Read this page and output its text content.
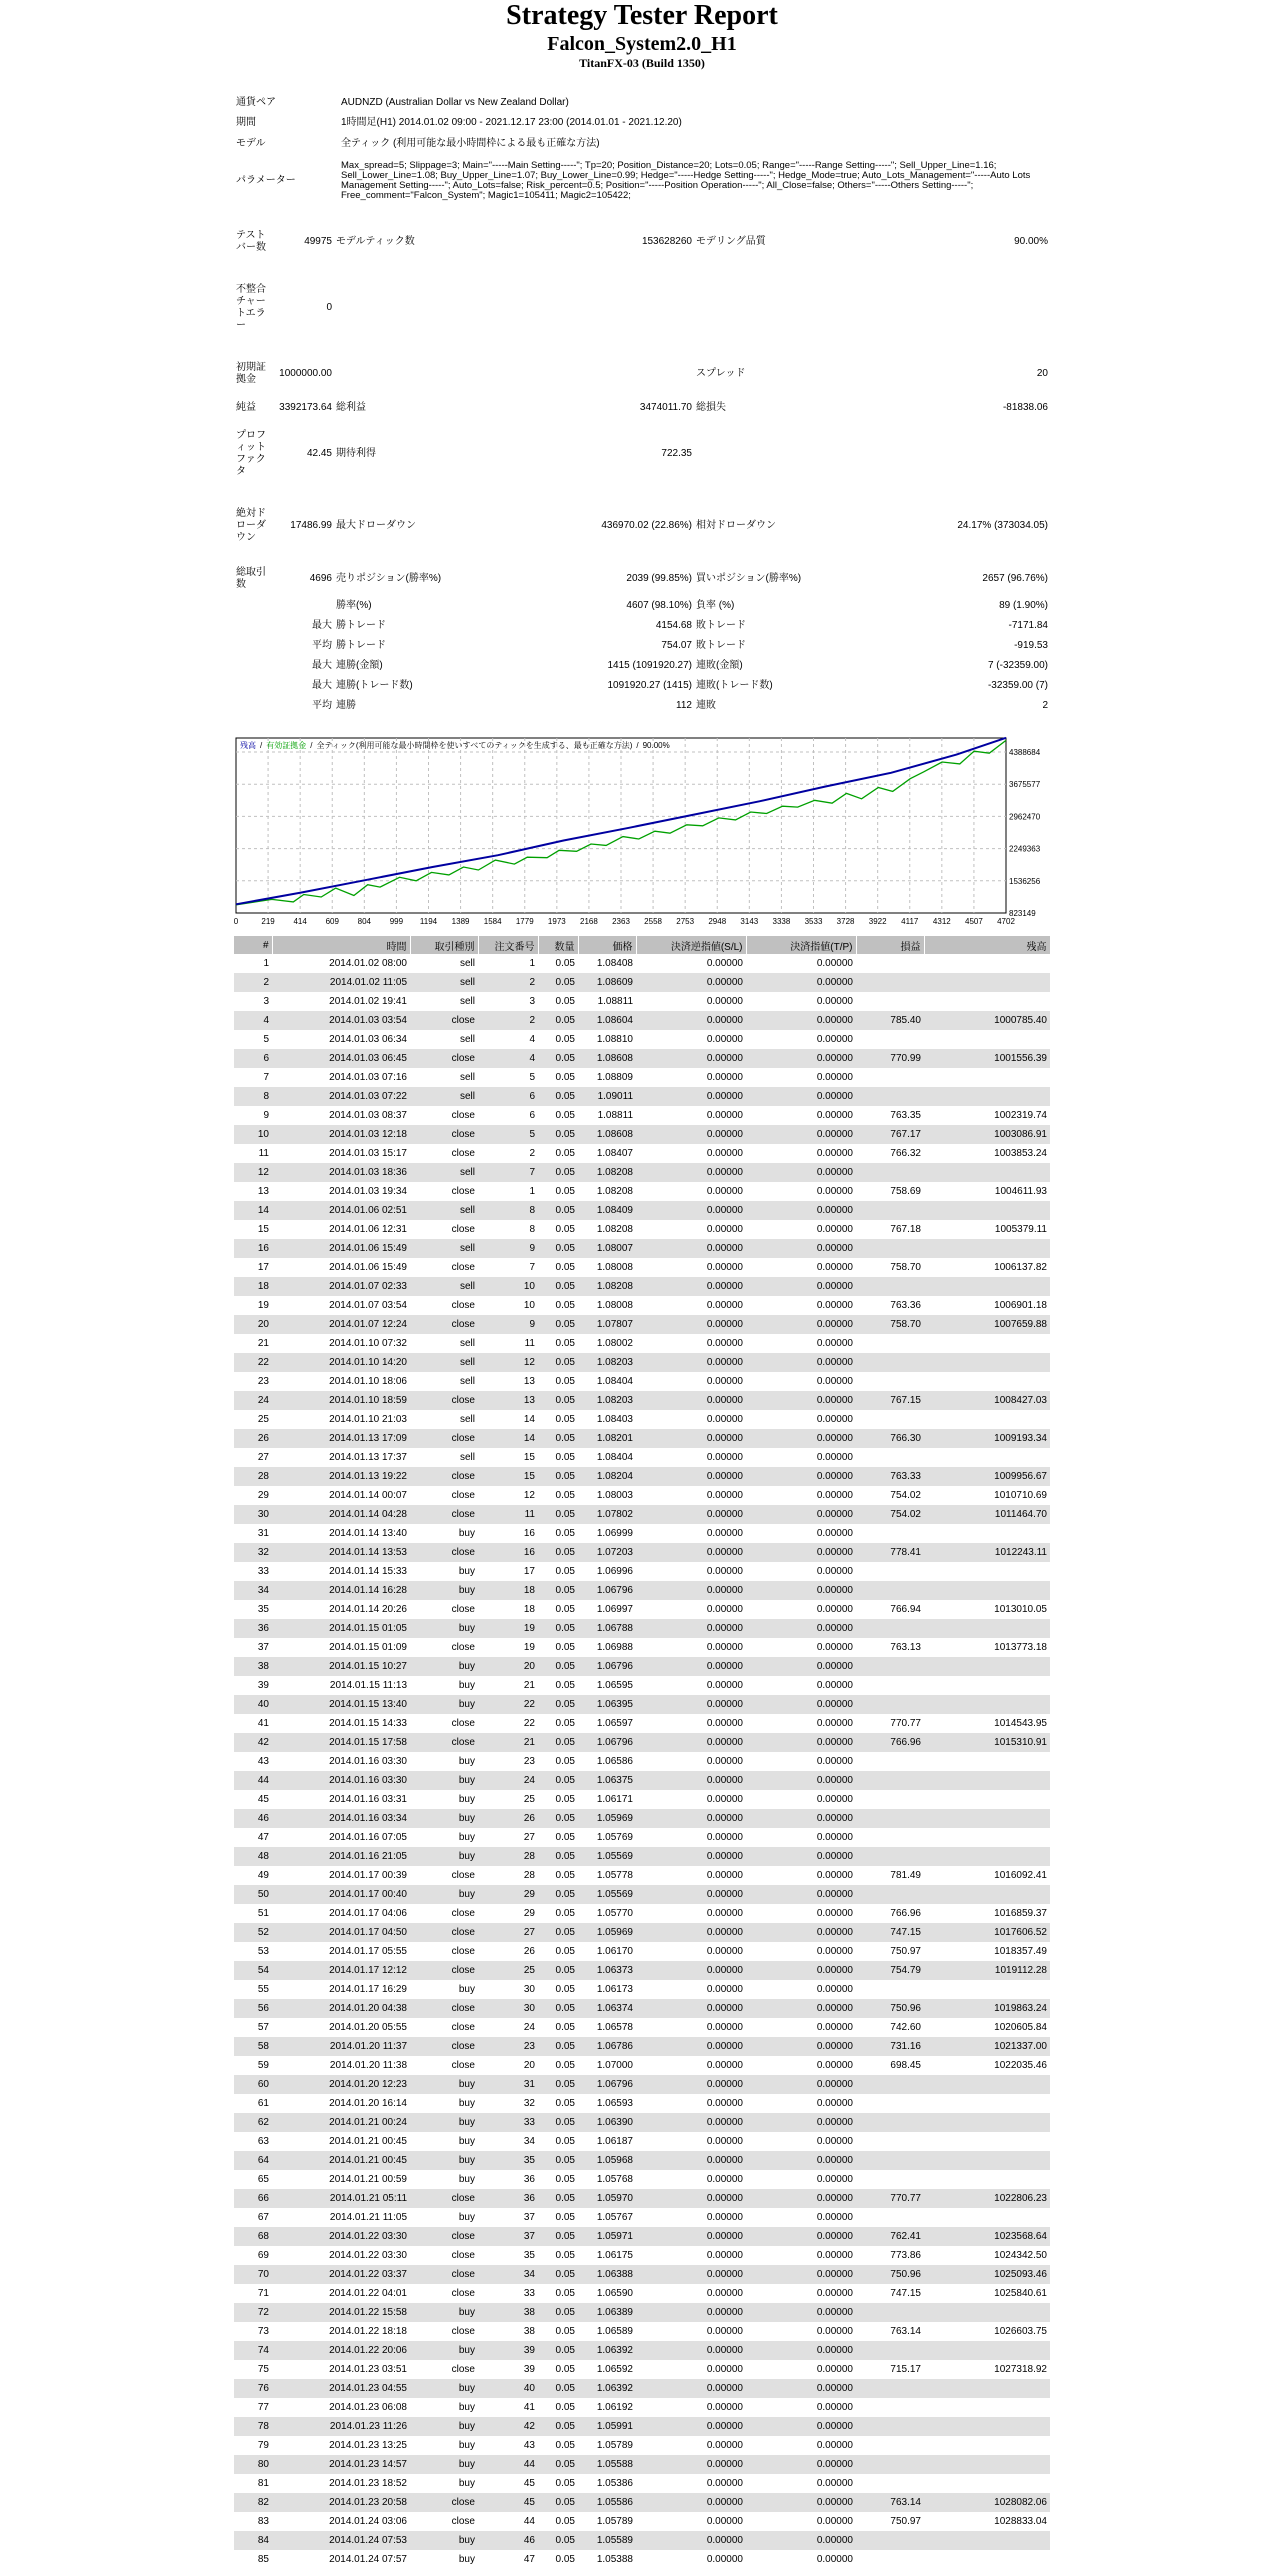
Strategy Tester Report
Falcon_System2.0_H1
TitanFX-03 (Build 1350)
通貨ペア	AUDNZD (Australian Dollar vs New Zealand Dollar)
期間	1時間足(H1) 2014.01.02 09:00 - 2021.12.17 23:00 (2014.01.01 - 2021.12.20)
モデル	全ティック (利用可能な最小時間枠による最も正確な方法)
パラメーター	Max_spread=5; Slippage=3; Main="-----Main Setting-----"; Tp=20; Position_Distance=20; Lots=0.05; Range="-----Range Setting-----"; Sell_Upper_Line=1.16; Sell_Lower_Line=1.08; Buy_Upper_Line=1.07; Buy_Lower_Line=0.99; Hedge="-----Hedge Setting-----"; Hedge_Mode=true; Auto_Lots_Management="-----Auto Lots Management Setting-----"; Auto_Lots=false; Risk_percent=0.5; Position="-----Position Operation-----"; All_Close=false; Others="-----Others Setting-----"; Free_comment="Falcon_System"; Magic1=105411; Magic2=105422;
テストバー数	49975	モデルティック数	153628260	モデリング品質	90.00%
不整合チャートエラー	0				
初期証拠金	1000000.00			スプレッド	20
純益	3392173.64	総利益	3474011.70	総損失	-81838.06
プロフィットファクタ	42.45	期待利得	722.35		
絶対ドローダウン	17486.99	最大ドローダウン	436970.02 (22.86%)	相対ドローダウン	24.17% (373034.05)
総取引数	4696	売りポジション(勝率%)	2039 (99.85%)	買いポジション(勝率%)	2657 (96.76%)
		勝率(%)	4607 (98.10%)	負率 (%)	89 (1.90%)
	最大	勝トレード	4154.68	敗トレード	-7171.84
	平均	勝トレード	754.07	敗トレード	-919.53
	最大	連勝(金額)	1415 (1091920.27)	連敗(金額)	7 (-32359.00)
	最大	連勝(トレード数)	1091920.27 (1415)	連敗(トレード数)	-32359.00 (7)
	平均	連勝	112	連敗	2
0	219 414 609 804 999 1194 1389 1584 1779 1973 2168 2363 2558 2753 2948 3143 3338 3533 3728 3922 4117 4312 4507 4702
4388684
3675577
2962470
2249363
1536256
823149
残高 / 有効証拠金 / 全ティック(利用可能な最小時間枠を使いすべてのティックを生成する、最も正確な方法) / 90.00%
#	時間	取引種別	注文番号	数量	価格	決済逆指値(S/L)	決済指値(T/P)	損益	残高
1	2014.01.02 08:00	sell	1	0.05	1.08408	0.00000	0.00000		
2	2014.01.02 11:05	sell	2	0.05	1.08609	0.00000	0.00000		
3	2014.01.02 19:41	sell	3	0.05	1.08811	0.00000	0.00000		
4	2014.01.03 03:54	close	2	0.05	1.08604	0.00000	0.00000	785.40	1000785.40
5	2014.01.03 06:34	sell	4	0.05	1.08810	0.00000	0.00000		
6	2014.01.03 06:45	close	4	0.05	1.08608	0.00000	0.00000	770.99	1001556.39
7	2014.01.03 07:16	sell	5	0.05	1.08809	0.00000	0.00000		
8	2014.01.03 07:22	sell	6	0.05	1.09011	0.00000	0.00000		
9	2014.01.03 08:37	close	6	0.05	1.08811	0.00000	0.00000	763.35	1002319.74
10	2014.01.03 12:18	close	5	0.05	1.08608	0.00000	0.00000	767.17	1003086.91
11	2014.01.03 15:17	close	2	0.05	1.08407	0.00000	0.00000	766.32	1003853.24
12	2014.01.03 18:36	sell	7	0.05	1.08208	0.00000	0.00000		
13	2014.01.03 19:34	close	1	0.05	1.08208	0.00000	0.00000	758.69	1004611.93
14	2014.01.06 02:51	sell	8	0.05	1.08409	0.00000	0.00000		
15	2014.01.06 12:31	close	8	0.05	1.08208	0.00000	0.00000	767.18	1005379.11
16	2014.01.06 15:49	sell	9	0.05	1.08007	0.00000	0.00000		
17	2014.01.06 15:49	close	7	0.05	1.08008	0.00000	0.00000	758.70	1006137.82
18	2014.01.07 02:33	sell	10	0.05	1.08208	0.00000	0.00000		
19	2014.01.07 03:54	close	10	0.05	1.08008	0.00000	0.00000	763.36	1006901.18
20	2014.01.07 12:24	close	9	0.05	1.07807	0.00000	0.00000	758.70	1007659.88
21	2014.01.10 07:32	sell	11	0.05	1.08002	0.00000	0.00000		
22	2014.01.10 14:20	sell	12	0.05	1.08203	0.00000	0.00000		
23	2014.01.10 18:06	sell	13	0.05	1.08404	0.00000	0.00000		
24	2014.01.10 18:59	close	13	0.05	1.08203	0.00000	0.00000	767.15	1008427.03
25	2014.01.10 21:03	sell	14	0.05	1.08403	0.00000	0.00000		
26	2014.01.13 17:09	close	14	0.05	1.08201	0.00000	0.00000	766.30	1009193.34
27	2014.01.13 17:37	sell	15	0.05	1.08404	0.00000	0.00000		
28	2014.01.13 19:22	close	15	0.05	1.08204	0.00000	0.00000	763.33	1009956.67
29	2014.01.14 00:07	close	12	0.05	1.08003	0.00000	0.00000	754.02	1010710.69
30	2014.01.14 04:28	close	11	0.05	1.07802	0.00000	0.00000	754.02	1011464.70
31	2014.01.14 13:40	buy	16	0.05	1.06999	0.00000	0.00000		
32	2014.01.14 13:53	close	16	0.05	1.07203	0.00000	0.00000	778.41	1012243.11
33	2014.01.14 15:33	buy	17	0.05	1.06996	0.00000	0.00000		
34	2014.01.14 16:28	buy	18	0.05	1.06796	0.00000	0.00000		
35	2014.01.14 20:26	close	18	0.05	1.06997	0.00000	0.00000	766.94	1013010.05
36	2014.01.15 01:05	buy	19	0.05	1.06788	0.00000	0.00000		
37	2014.01.15 01:09	close	19	0.05	1.06988	0.00000	0.00000	763.13	1013773.18
38	2014.01.15 10:27	buy	20	0.05	1.06796	0.00000	0.00000		
39	2014.01.15 11:13	buy	21	0.05	1.06595	0.00000	0.00000		
40	2014.01.15 13:40	buy	22	0.05	1.06395	0.00000	0.00000		
41	2014.01.15 14:33	close	22	0.05	1.06597	0.00000	0.00000	770.77	1014543.95
42	2014.01.15 17:58	close	21	0.05	1.06796	0.00000	0.00000	766.96	1015310.91
43	2014.01.16 03:30	buy	23	0.05	1.06586	0.00000	0.00000		
44	2014.01.16 03:30	buy	24	0.05	1.06375	0.00000	0.00000		
45	2014.01.16 03:31	buy	25	0.05	1.06171	0.00000	0.00000		
46	2014.01.16 03:34	buy	26	0.05	1.05969	0.00000	0.00000		
47	2014.01.16 07:05	buy	27	0.05	1.05769	0.00000	0.00000		
48	2014.01.16 21:05	buy	28	0.05	1.05569	0.00000	0.00000		
49	2014.01.17 00:39	close	28	0.05	1.05778	0.00000	0.00000	781.49	1016092.41
50	2014.01.17 00:40	buy	29	0.05	1.05569	0.00000	0.00000		
51	2014.01.17 04:06	close	29	0.05	1.05770	0.00000	0.00000	766.96	1016859.37
52	2014.01.17 04:50	close	27	0.05	1.05969	0.00000	0.00000	747.15	1017606.52
53	2014.01.17 05:55	close	26	0.05	1.06170	0.00000	0.00000	750.97	1018357.49
54	2014.01.17 12:12	close	25	0.05	1.06373	0.00000	0.00000	754.79	1019112.28
55	2014.01.17 16:29	buy	30	0.05	1.06173	0.00000	0.00000		
56	2014.01.20 04:38	close	30	0.05	1.06374	0.00000	0.00000	750.96	1019863.24
57	2014.01.20 05:55	close	24	0.05	1.06578	0.00000	0.00000	742.60	1020605.84
58	2014.01.20 11:37	close	23	0.05	1.06786	0.00000	0.00000	731.16	1021337.00
59	2014.01.20 11:38	close	20	0.05	1.07000	0.00000	0.00000	698.45	1022035.46
60	2014.01.20 12:23	buy	31	0.05	1.06796	0.00000	0.00000		
61	2014.01.20 16:14	buy	32	0.05	1.06593	0.00000	0.00000		
62	2014.01.21 00:24	buy	33	0.05	1.06390	0.00000	0.00000		
63	2014.01.21 00:45	buy	34	0.05	1.06187	0.00000	0.00000		
64	2014.01.21 00:45	buy	35	0.05	1.05968	0.00000	0.00000		
65	2014.01.21 00:59	buy	36	0.05	1.05768	0.00000	0.00000		
66	2014.01.21 05:11	close	36	0.05	1.05970	0.00000	0.00000	770.77	1022806.23
67	2014.01.21 11:05	buy	37	0.05	1.05767	0.00000	0.00000		
68	2014.01.22 03:30	close	37	0.05	1.05971	0.00000	0.00000	762.41	1023568.64
69	2014.01.22 03:30	close	35	0.05	1.06175	0.00000	0.00000	773.86	1024342.50
70	2014.01.22 03:37	close	34	0.05	1.06388	0.00000	0.00000	750.96	1025093.46
71	2014.01.22 04:01	close	33	0.05	1.06590	0.00000	0.00000	747.15	1025840.61
72	2014.01.22 15:58	buy	38	0.05	1.06389	0.00000	0.00000		
73	2014.01.22 18:18	close	38	0.05	1.06589	0.00000	0.00000	763.14	1026603.75
74	2014.01.22 20:06	buy	39	0.05	1.06392	0.00000	0.00000		
75	2014.01.23 03:51	close	39	0.05	1.06592	0.00000	0.00000	715.17	1027318.92
76	2014.01.23 04:55	buy	40	0.05	1.06392	0.00000	0.00000		
77	2014.01.23 06:08	buy	41	0.05	1.06192	0.00000	0.00000		
78	2014.01.23 11:26	buy	42	0.05	1.05991	0.00000	0.00000		
79	2014.01.23 13:25	buy	43	0.05	1.05789	0.00000	0.00000		
80	2014.01.23 14:57	buy	44	0.05	1.05588	0.00000	0.00000		
81	2014.01.23 18:52	buy	45	0.05	1.05386	0.00000	0.00000		
82	2014.01.23 20:58	close	45	0.05	1.05586	0.00000	0.00000	763.14	1028082.06
83	2014.01.24 03:06	close	44	0.05	1.05789	0.00000	0.00000	750.97	1028833.04
84	2014.01.24 07:53	buy	46	0.05	1.05589	0.00000	0.00000		
85	2014.01.24 07:57	buy	47	0.05	1.05388	0.00000	0.00000		
